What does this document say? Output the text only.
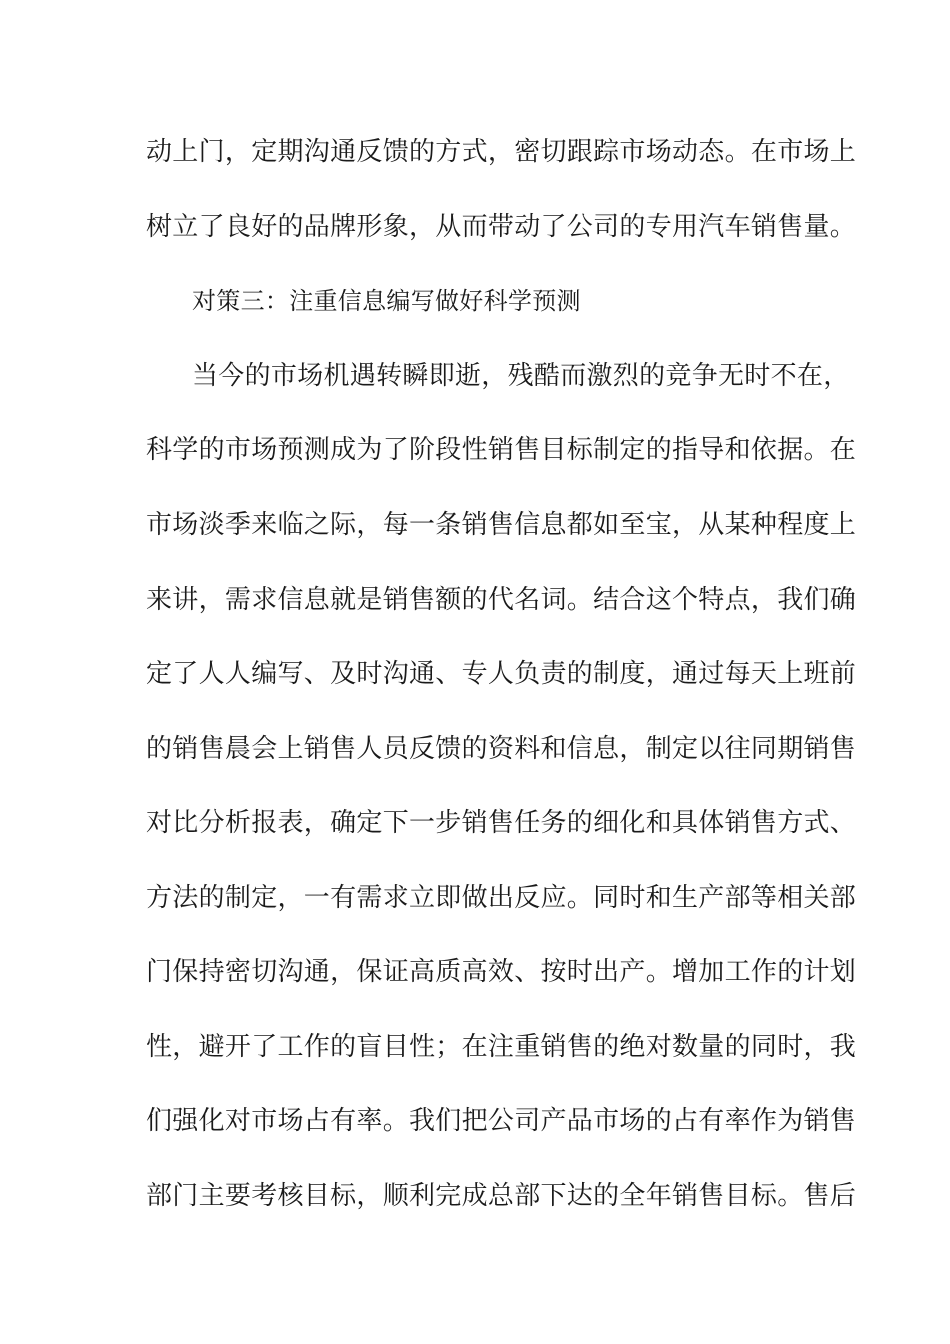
动上门，定期沟通反馈的方式，密切跟踪市场动态。在市场上
树立了良好的品牌形象，从而带动了公司的专用汽车销售量。
对策三：注重信息编写做好科学预测
当今的市场机遇转瞬即逝，残酷而激烈的竞争无时不在，
科学的市场预测成为了阶段性销售目标制定的指导和依据。在
市场淡季来临之际，每一条销售信息都如至宝，从某种程度上
来讲，需求信息就是销售额的代名词。结合这个特点，我们确
定了人人编写、及时沟通、专人负责的制度，通过每天上班前
的销售晨会上销售人员反馈的资料和信息，制定以往同期销售
对比分析报表，确定下一步销售任务的细化和具体销售方式、
方法的制定，一有需求立即做出反应。同时和生产部等相关部
门保持密切沟通，保证高质高效、按时出产。增加工作的计划
性，避开了工作的盲目性；在注重销售的绝对数量的同时，我
们强化对市场占有率。我们把公司产品市场的占有率作为销售
部门主要考核目标，顺利完成总部下达的全年销售目标。售后
